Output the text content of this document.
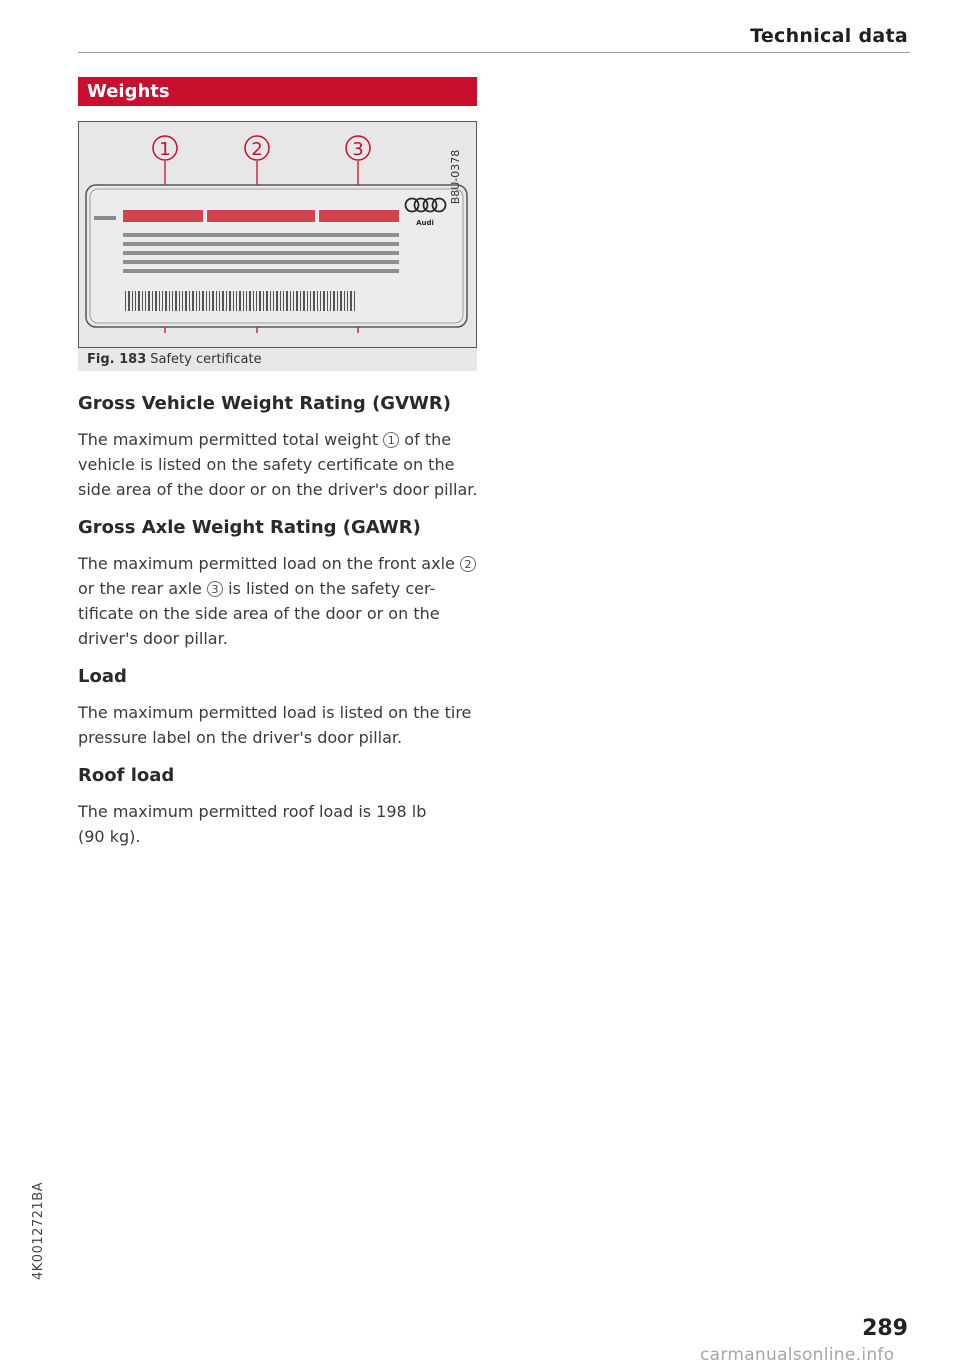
Technical data
Weights
Audi
1	2	3
B8U-0378
Fig. 183 Safety certificate
Gross Vehicle Weight Rating (GVWR)

The maximum permitted total weight 1 of the vehicle is listed on the safety certificate on the side area of the door or on the driver's door pillar.

Gross Axle Weight Rating (GAWR)

The maximum permitted load on the front axle 2 or the rear axle 3 is listed on the safety cer-tificate on the side area of the door or on the driver's door pillar.

Load

The maximum permitted load is listed on the tire pressure label on the driver's door pillar.

Roof load

The maximum permitted roof load is 198 lb (90 kg).

4K0012721BA
289
carmanualsonline.info
